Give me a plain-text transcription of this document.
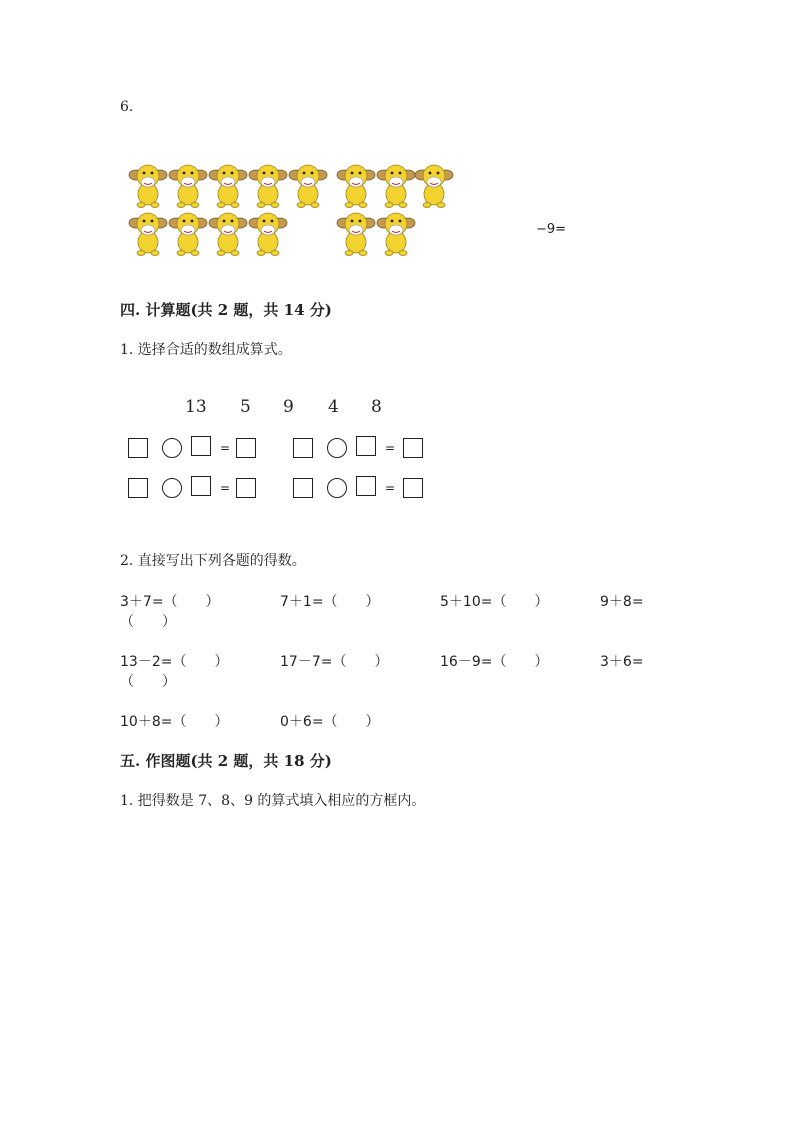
6.
−9=
四. 计算题(共 2 题，共 14 分)
1. 选择合适的数组成算式。
13 5 9 4 8
=	=
=	=
2. 直接写出下列各题的得数。
3＋7=（　　）	7＋1=（　　）	5＋10=（　　）	9＋8=
（　　）
13－2=（　　）	17－7=（　　）	16－9=（　　）	3＋6=
（　　）
10＋8=（　　）	0＋6=（　　）
五. 作图题(共 2 题，共 18 分)
1. 把得数是 7、8、9 的算式填入相应的方框内。
